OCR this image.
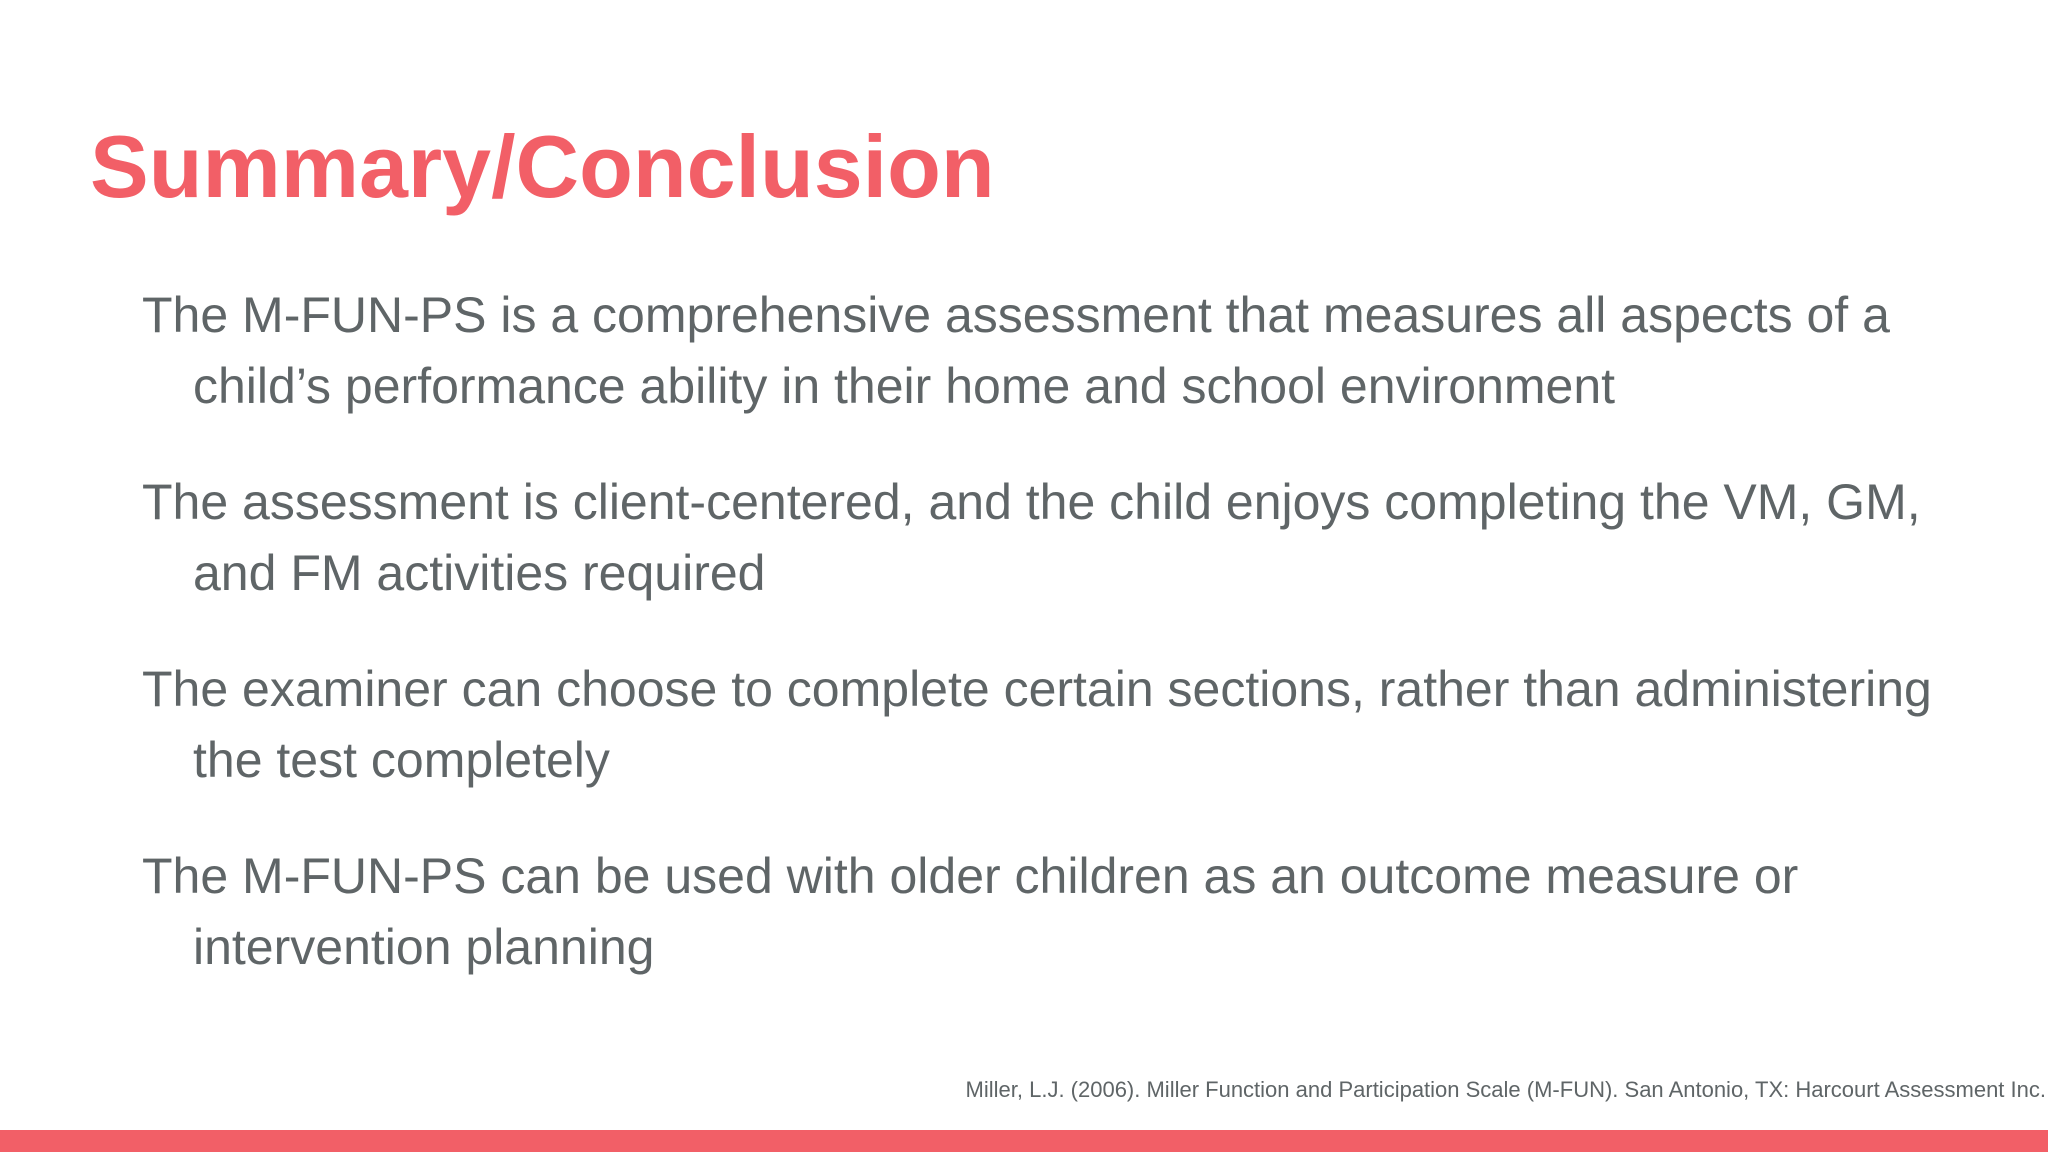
Summary/Conclusion
The M-FUN-PS is a comprehensive assessment that measures all aspects of a child’s performance ability in their home and school environment
The assessment is client-centered, and the child enjoys completing the VM, GM, and FM activities required
The examiner can choose to complete certain sections, rather than administering the test completely
The M-FUN-PS can be used with older children as an outcome measure or intervention planning
Miller, L.J. (2006). Miller Function and Participation Scale (M-FUN). San Antonio, TX: Harcourt Assessment Inc.
